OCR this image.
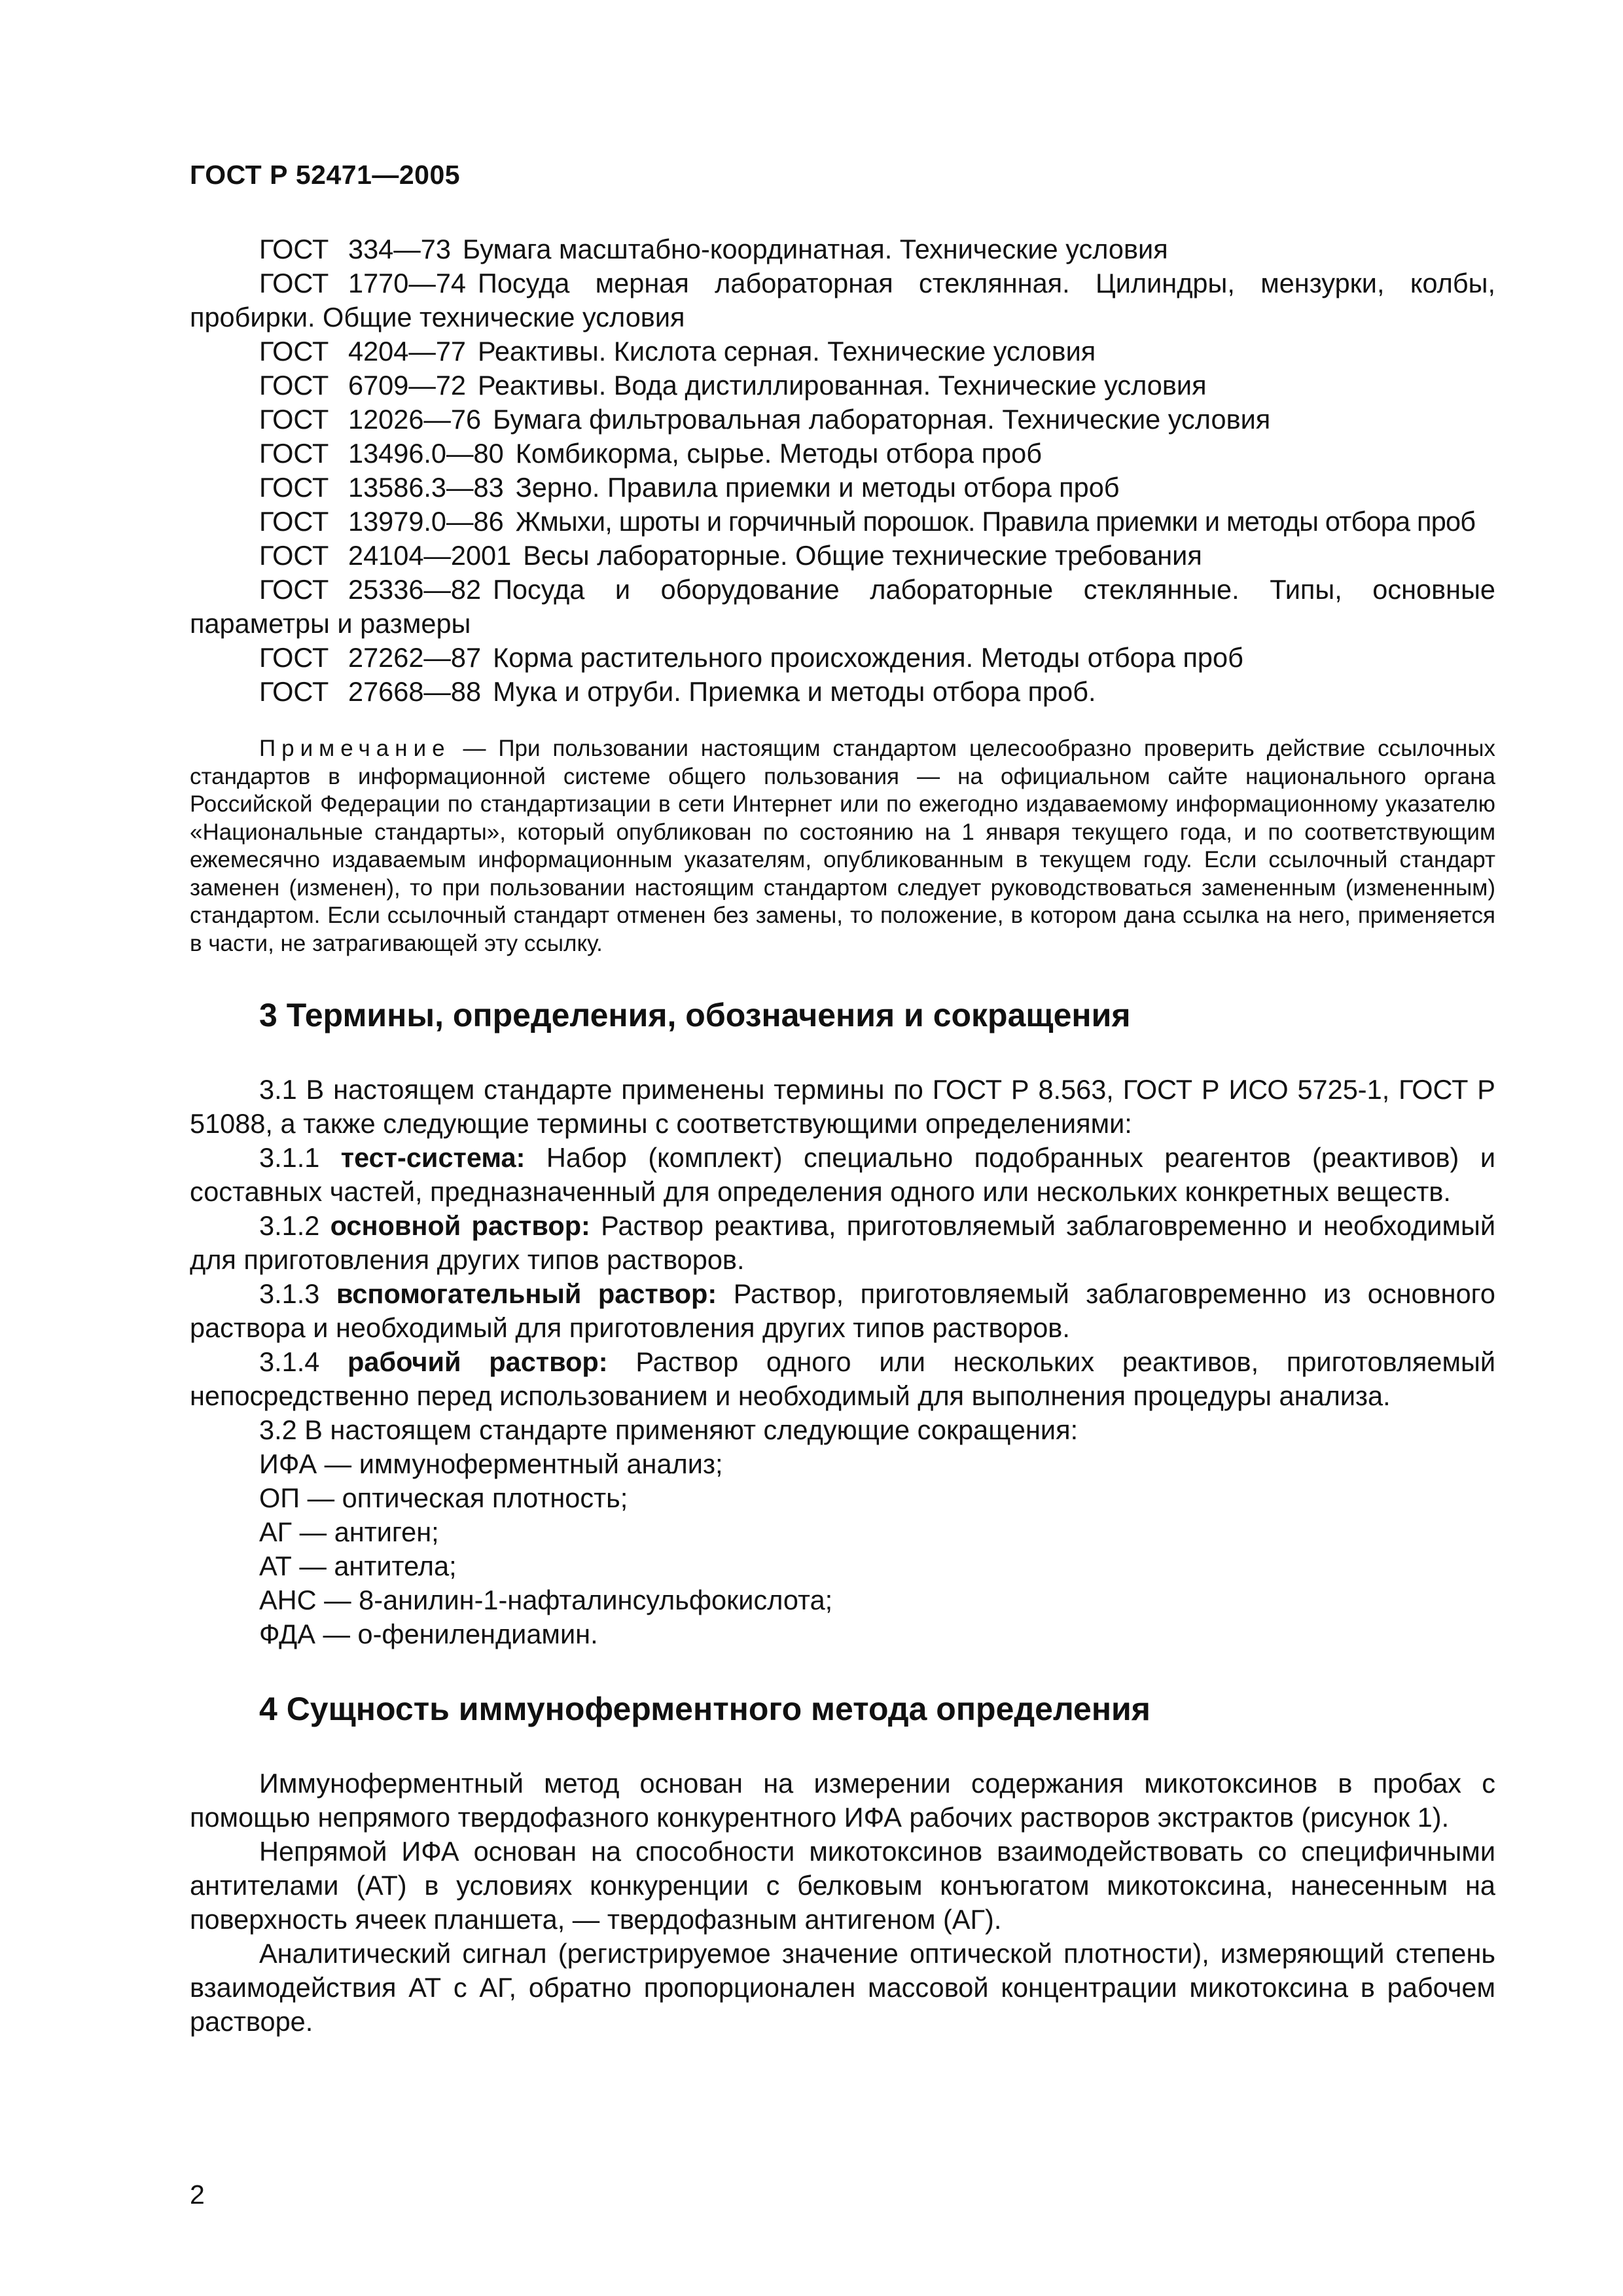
ГОСТ Р 52471—2005

ГОСТ 334—73 Бумага масштабно-координатная. Технические условия

ГОСТ 1770—74 Посуда мерная лабораторная стеклянная. Цилиндры, мензурки, колбы, пробирки. Общие технические условия

ГОСТ 4204—77 Реактивы. Кислота серная. Технические условия

ГОСТ 6709—72 Реактивы. Вода дистиллированная. Технические условия

ГОСТ 12026—76 Бумага фильтровальная лабораторная. Технические условия

ГОСТ 13496.0—80 Комбикорма, сырье. Методы отбора проб

ГОСТ 13586.3—83 Зерно. Правила приемки и методы отбора проб

ГОСТ 13979.0—86 Жмыхи, шроты и горчичный порошок. Правила приемки и методы отбора проб

ГОСТ 24104—2001 Весы лабораторные. Общие технические требования

ГОСТ 25336—82 Посуда и оборудование лабораторные стеклянные. Типы, основные параметры и размеры

ГОСТ 27262—87 Корма растительного происхождения. Методы отбора проб

ГОСТ 27668—88 Мука и отруби. Приемка и методы отбора проб.

Примечание — При пользовании настоящим стандартом целесообразно проверить действие ссылочных стандартов в информационной системе общего пользования — на официальном сайте национального органа Российской Федерации по стандартизации в сети Интернет или по ежегодно издаваемому информационному указателю «Национальные стандарты», который опубликован по состоянию на 1 января текущего года, и по соответствующим ежемесячно издаваемым информационным указателям, опубликованным в текущем году. Если ссылочный стандарт заменен (изменен), то при пользовании настоящим стандартом следует руководствоваться замененным (измененным) стандартом. Если ссылочный стандарт отменен без замены, то положение, в котором дана ссылка на него, применяется в части, не затрагивающей эту ссылку.

3 Термины, определения, обозначения и сокращения

3.1 В настоящем стандарте применены термины по ГОСТ Р 8.563, ГОСТ Р ИСО 5725-1, ГОСТ Р 51088, а также следующие термины с соответствующими определениями:

3.1.1 тест-система: Набор (комплект) специально подобранных реагентов (реактивов) и составных частей, предназначенный для определения одного или нескольких конкретных веществ.

3.1.2 основной раствор: Раствор реактива, приготовляемый заблаговременно и необходимый для приготовления других типов растворов.

3.1.3 вспомогательный раствор: Раствор, приготовляемый заблаговременно из основного раствора и необходимый для приготовления других типов растворов.

3.1.4 рабочий раствор: Раствор одного или нескольких реактивов, приготовляемый непосредственно перед использованием и необходимый для выполнения процедуры анализа.

3.2 В настоящем стандарте применяют следующие сокращения:

ИФА — иммуноферментный анализ;

ОП — оптическая плотность;

АГ — антиген;

АТ — антитела;

АНС — 8-анилин-1-нафталинсульфокислота;

ФДА — о-фенилендиамин.

4 Сущность иммуноферментного метода определения

Иммуноферментный метод основан на измерении содержания микотоксинов в пробах с помощью непрямого твердофазного конкурентного ИФА рабочих растворов экстрактов (рисунок 1).

Непрямой ИФА основан на способности микотоксинов взаимодействовать со специфичными антителами (АТ) в условиях конкуренции с белковым конъюгатом микотоксина, нанесенным на поверхность ячеек планшета, — твердофазным антигеном (АГ).

Аналитический сигнал (регистрируемое значение оптической плотности), измеряющий степень взаимодействия АТ с АГ, обратно пропорционален массовой концентрации микотоксина в рабочем растворе.

2
